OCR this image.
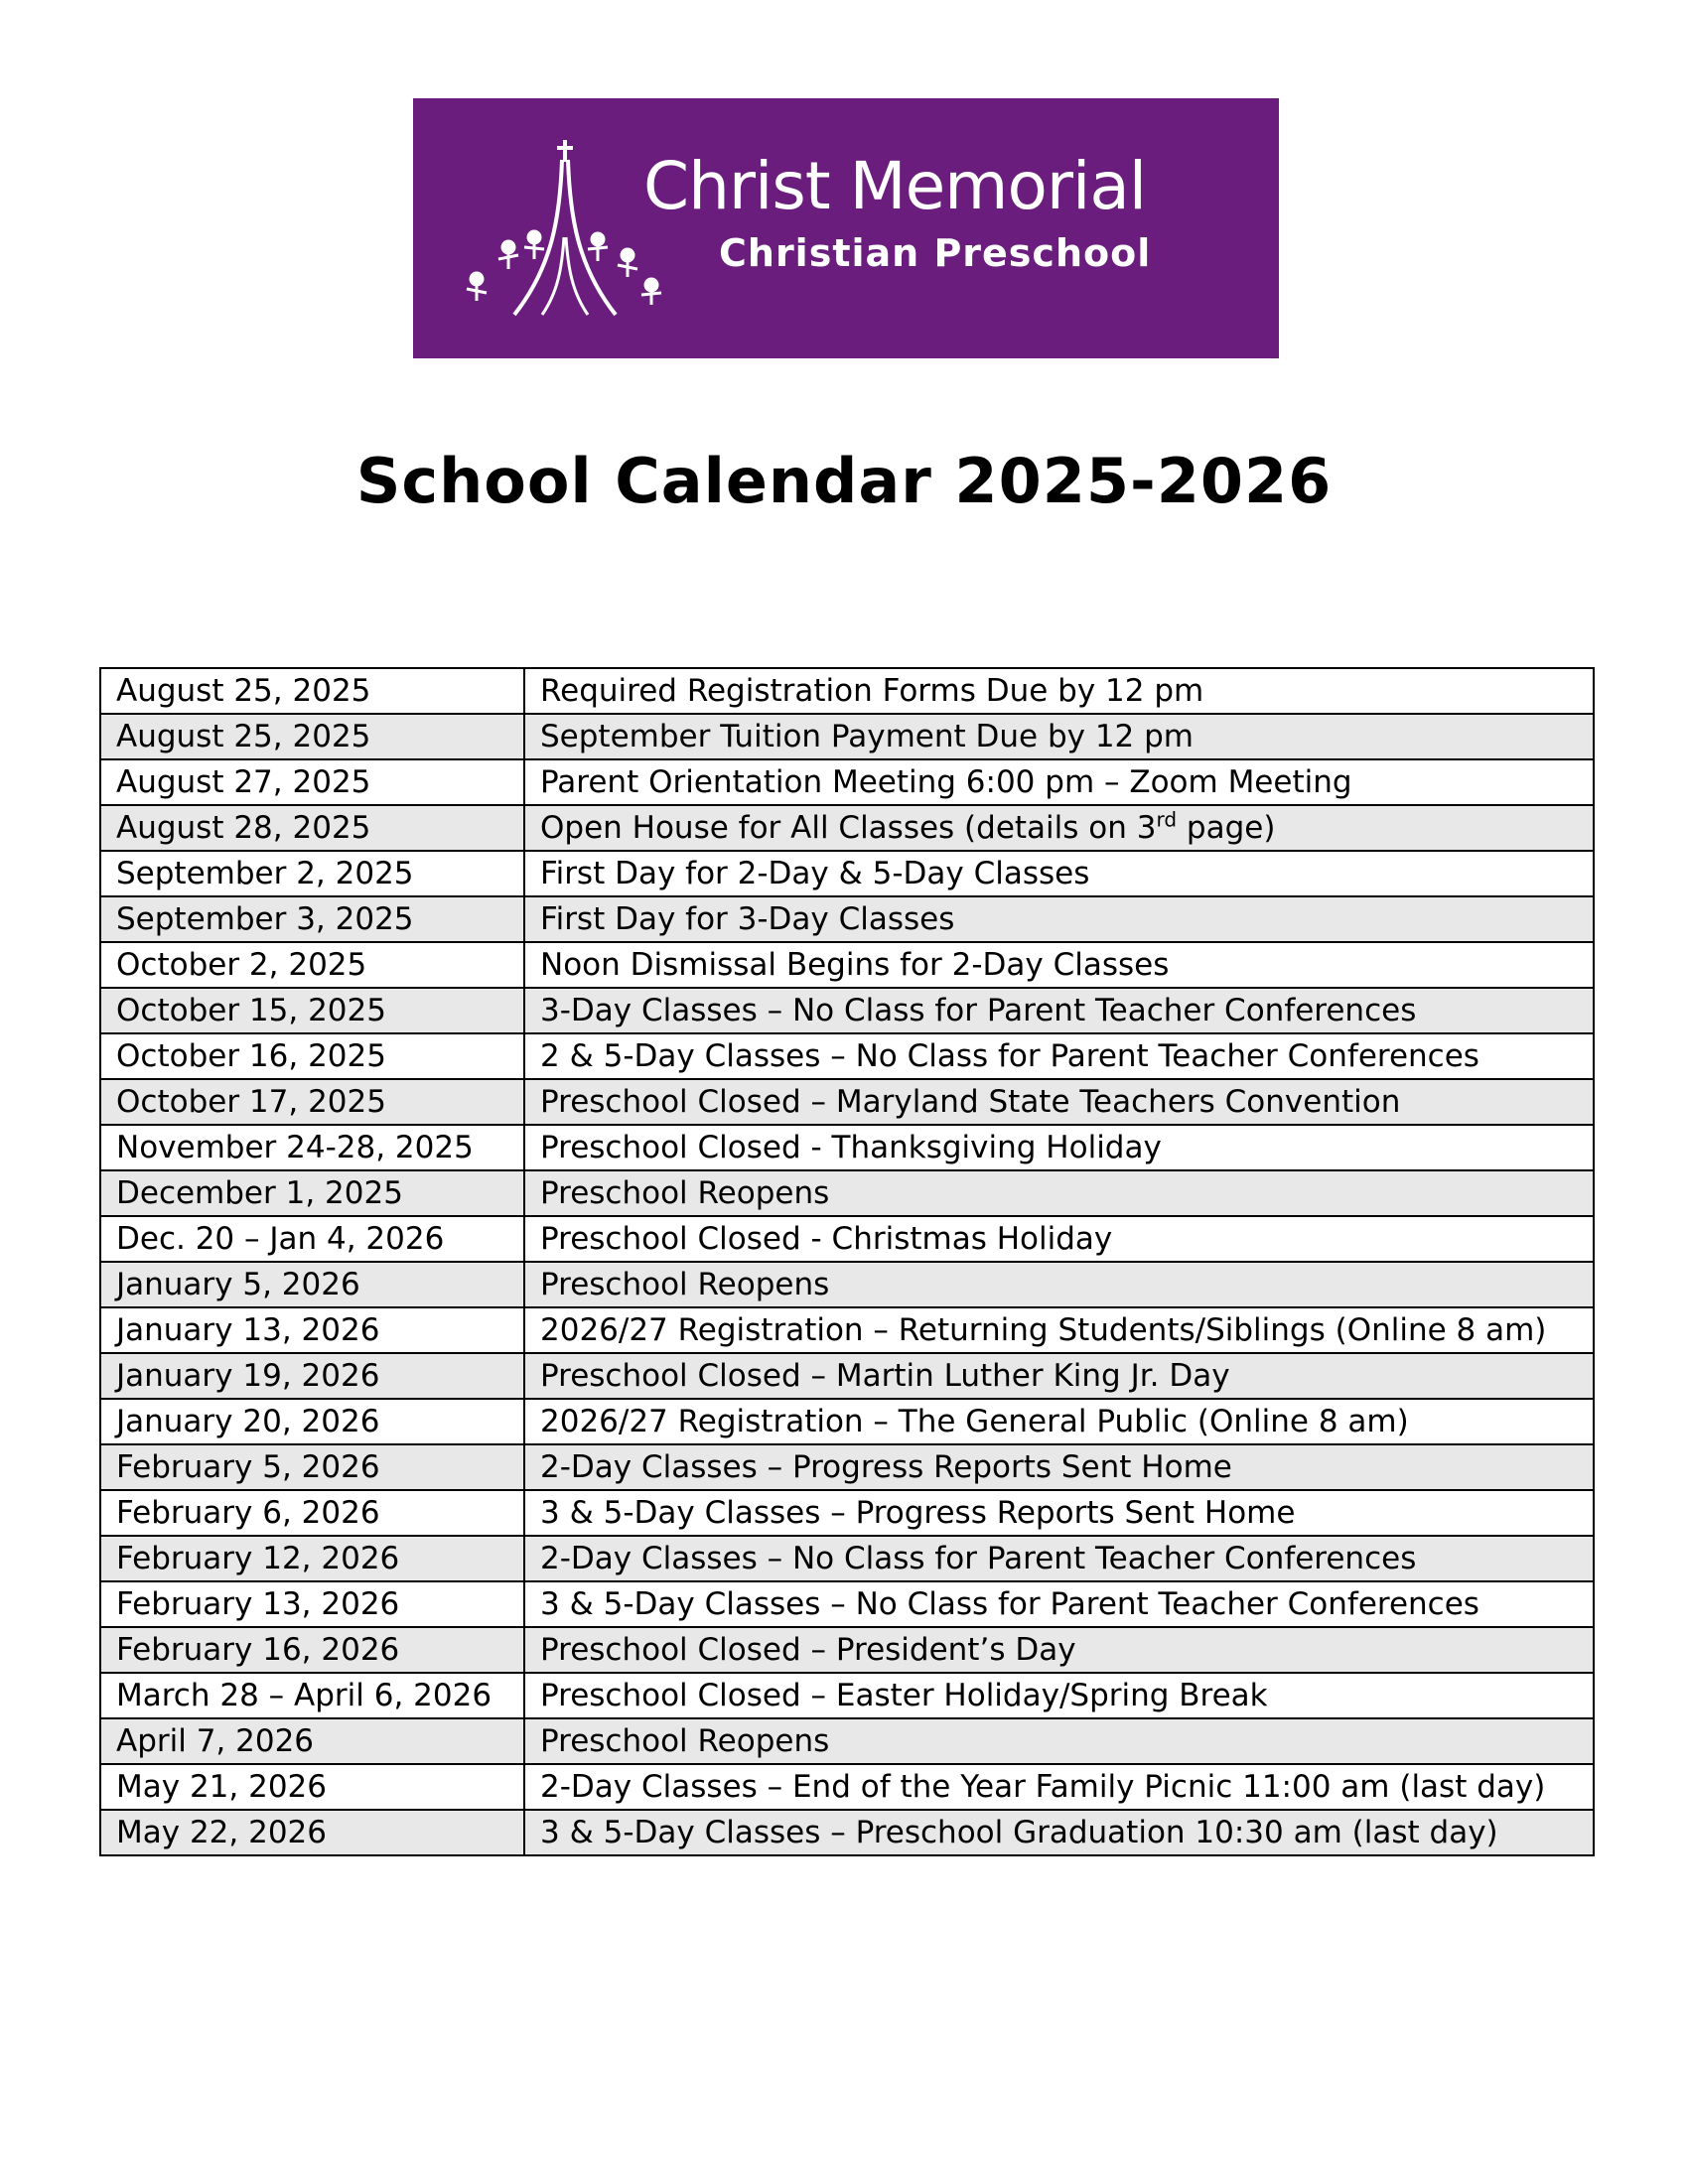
Christ Memorial
Christian Preschool
School Calendar 2025-2026
August 25, 2025	Required Registration Forms Due by 12 pm
August 25, 2025	September Tuition Payment Due by 12 pm
August 27, 2025	Parent Orientation Meeting 6:00 pm – Zoom Meeting
August 28, 2025	Open House for All Classes (details on 3rd page)
September 2, 2025	First Day for 2-Day & 5-Day Classes
September 3, 2025	First Day for 3-Day Classes
October 2, 2025	Noon Dismissal Begins for 2-Day Classes
October 15, 2025	3-Day Classes – No Class for Parent Teacher Conferences
October 16, 2025	2 & 5-Day Classes – No Class for Parent Teacher Conferences
October 17, 2025	Preschool Closed – Maryland State Teachers Convention
November 24-28, 2025	Preschool Closed - Thanksgiving Holiday
December 1, 2025	Preschool Reopens
Dec. 20 – Jan 4, 2026	Preschool Closed - Christmas Holiday
January 5, 2026	Preschool Reopens
January 13, 2026	2026/27 Registration – Returning Students/Siblings (Online 8 am)
January 19, 2026	Preschool Closed – Martin Luther King Jr. Day
January 20, 2026	2026/27 Registration – The General Public (Online 8 am)
February 5, 2026	2-Day Classes – Progress Reports Sent Home
February 6, 2026	3 & 5-Day Classes – Progress Reports Sent Home
February 12, 2026	2-Day Classes – No Class for Parent Teacher Conferences
February 13, 2026	3 & 5-Day Classes – No Class for Parent Teacher Conferences
February 16, 2026	Preschool Closed – President’s Day
March 28 – April 6, 2026	Preschool Closed – Easter Holiday/Spring Break
April 7, 2026	Preschool Reopens
May 21, 2026	2-Day Classes – End of the Year Family Picnic 11:00 am (last day)
May 22, 2026	3 & 5-Day Classes – Preschool Graduation 10:30 am (last day)
